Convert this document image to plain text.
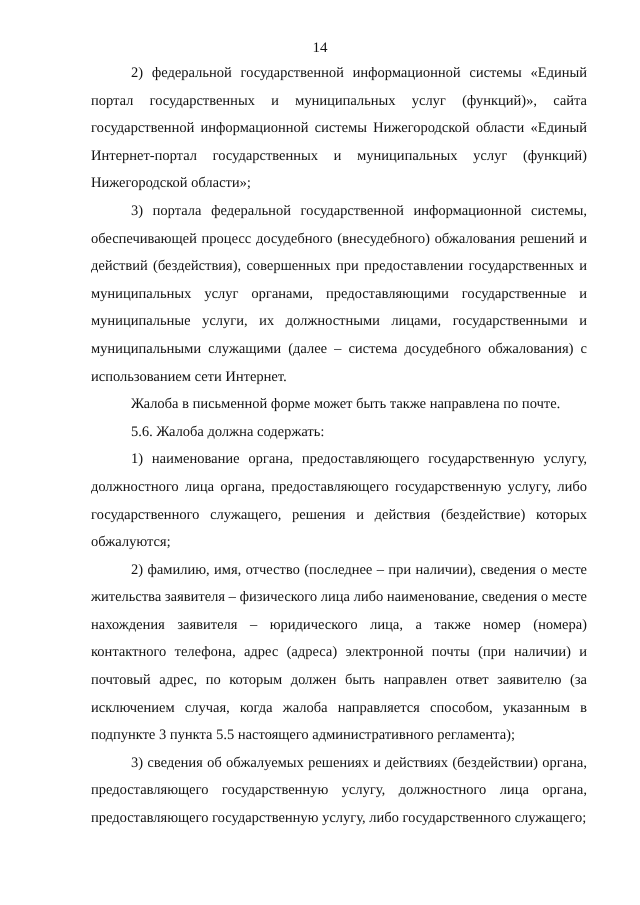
14

2) федеральной государственной информационной системы «Единый портал государственных и муниципальных услуг (функций)», сайта государственной информационной системы Нижегородской области «Единый Интернет-портал государственных и муниципальных услуг (функций) Нижегородской области»;

3) портала федеральной государственной информационной системы, обеспечивающей процесс досудебного (внесудебного) обжалования решений и действий (бездействия), совершенных при предоставлении государственных и муниципальных услуг органами, предоставляющими государственные и муниципальные услуги, их должностными лицами, государственными и муниципальными служащими (далее – система досудебного обжалования) с использованием сети Интернет.

Жалоба в письменной форме может быть также направлена по почте.

5.6. Жалоба должна содержать:

1) наименование органа, предоставляющего государственную услугу, должностного лица органа, предоставляющего государственную услугу, либо государственного служащего, решения и действия (бездействие) которых обжалуются;

2) фамилию, имя, отчество (последнее – при наличии), сведения о месте жительства заявителя – физического лица либо наименование, сведения о месте нахождения заявителя – юридического лица, а также номер (номера) контактного телефона, адрес (адреса) электронной почты (при наличии) и почтовый адрес, по которым должен быть направлен ответ заявителю (за исключением случая, когда жалоба направляется способом, указанным в подпункте 3 пункта 5.5 настоящего административного регламента);

3) сведения об обжалуемых решениях и действиях (бездействии) органа, предоставляющего государственную услугу, должностного лица органа, предоставляющего государственную услугу, либо государственного служащего;
